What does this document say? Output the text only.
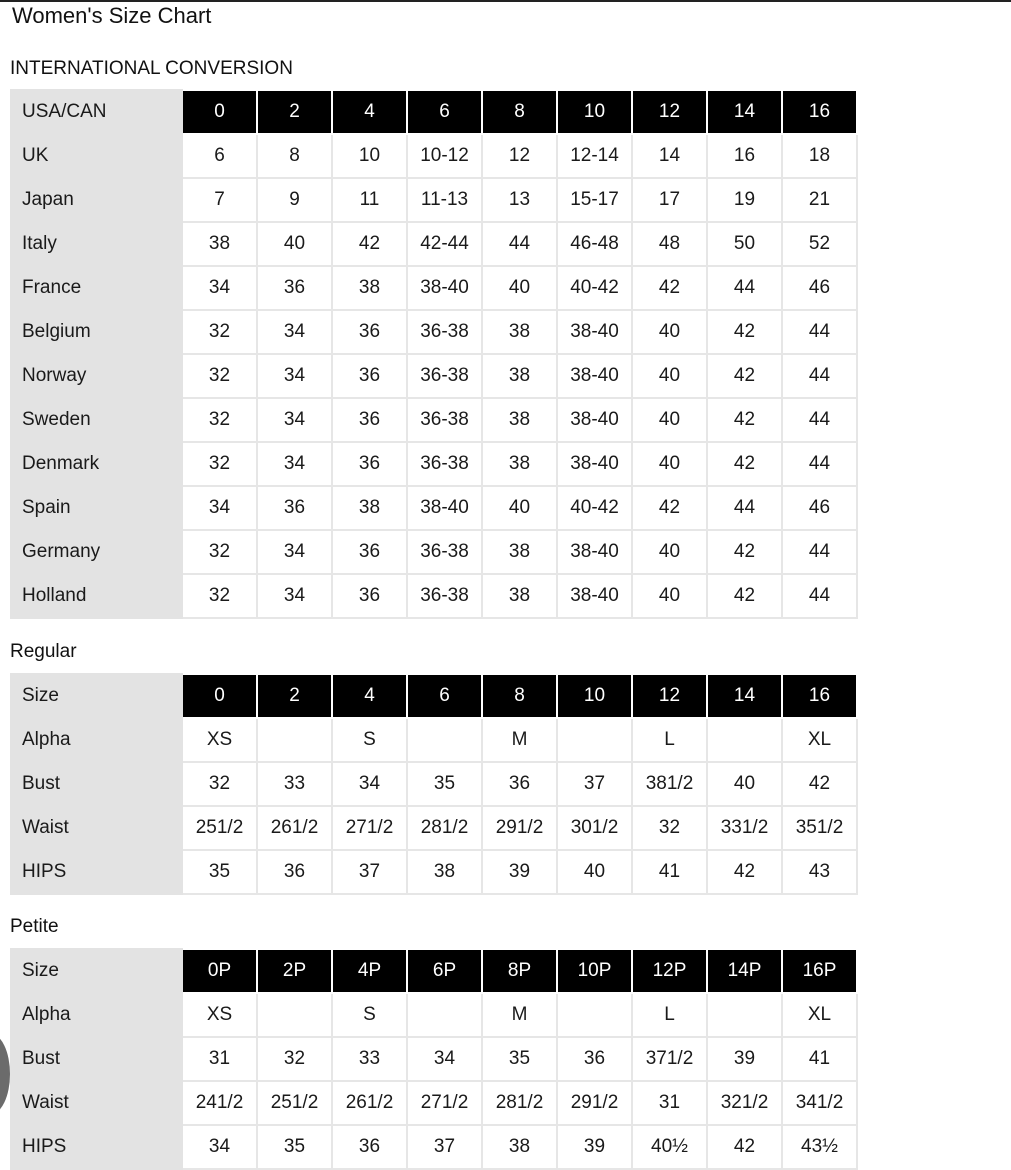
Women's Size Chart
INTERNATIONAL CONVERSION
USA/CAN	0	2	4	6	8	10	12	14	16
UK	6	8	10	10-12	12	12-14	14	16	18
Japan	7	9	11	11-13	13	15-17	17	19	21
Italy	38	40	42	42-44	44	46-48	48	50	52
France	34	36	38	38-40	40	40-42	42	44	46
Belgium	32	34	36	36-38	38	38-40	40	42	44
Norway	32	34	36	36-38	38	38-40	40	42	44
Sweden	32	34	36	36-38	38	38-40	40	42	44
Denmark	32	34	36	36-38	38	38-40	40	42	44
Spain	34	36	38	38-40	40	40-42	42	44	46
Germany	32	34	36	36-38	38	38-40	40	42	44
Holland	32	34	36	36-38	38	38-40	40	42	44
Regular
Size	0	2	4	6	8	10	12	14	16
Alpha	XS		S		M		L		XL
Bust	32	33	34	35	36	37	381/2	40	42
Waist	251/2	261/2	271/2	281/2	291/2	301/2	32	331/2	351/2
HIPS	35	36	37	38	39	40	41	42	43
Petite
Size	0P	2P	4P	6P	8P	10P	12P	14P	16P
Alpha	XS		S		M		L		XL
Bust	31	32	33	34	35	36	371/2	39	41
Waist	241/2	251/2	261/2	271/2	281/2	291/2	31	321/2	341/2
HIPS	34	35	36	37	38	39	40½	42	43½
